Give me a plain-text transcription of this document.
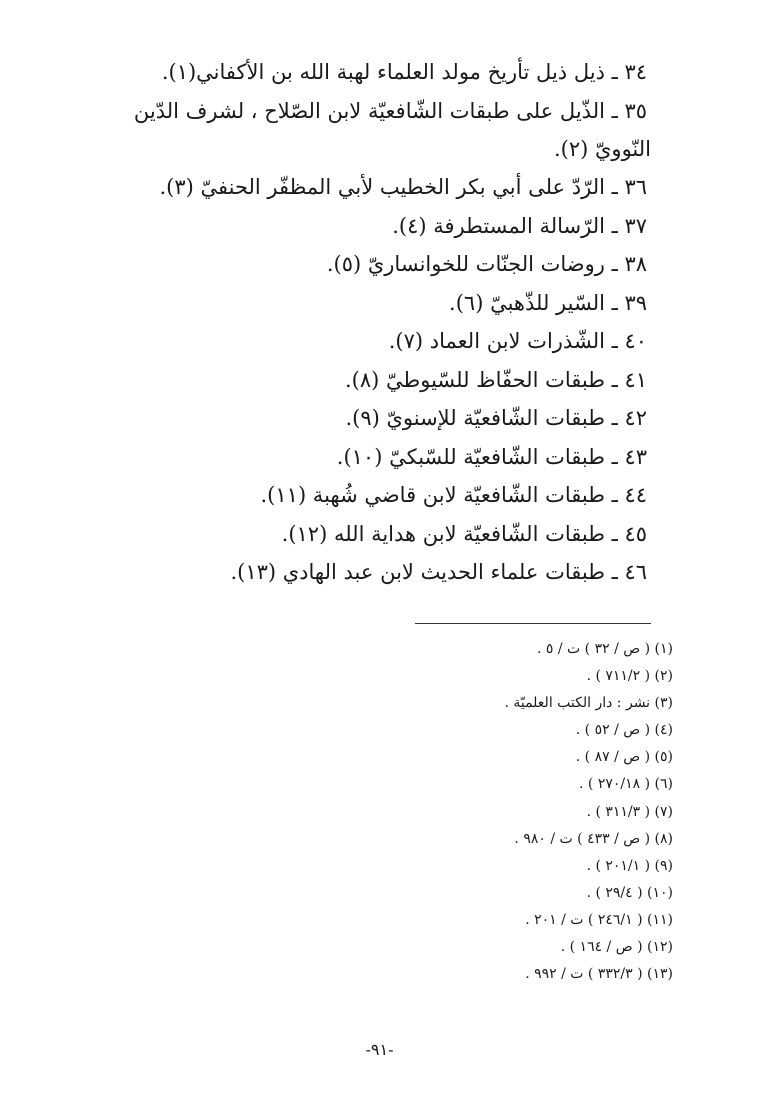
٣٤ ـ ذيل ذيل تأريخ مولد العلماء لهبة الله بن الأكفاني(١).
٣٥ ـ الذّيل على طبقات الشّافعيّة لابن الصّلاح ، لشرف الدّين
النّوويّ (٢).
٣٦ ـ الرّدّ على أبي بكر الخطيب لأبي المظفّر الحنفيّ (٣).
٣٧ ـ الرّسالة المستطرفة (٤).
٣٨ ـ روضات الجنّات للخوانساريّ (٥).
٣٩ ـ السّير للذّهبيّ (٦).
٤٠ ـ الشّذرات لابن العماد (٧).
٤١ ـ طبقات الحفّاظ للسّيوطيّ (٨).
٤٢ ـ طبقات الشّافعيّة للإسنويّ (٩).
٤٣ ـ طبقات الشّافعيّة للسّبكيّ (١٠).
٤٤ ـ طبقات الشّافعيّة لابن قاضي شُهبة (١١).
٤٥ ـ طبقات الشّافعيّة لابن هداية الله (١٢).
٤٦ ـ طبقات علماء الحديث لابن عبد الهادي (١٣).
(١) ( ص / ٣٢ ) ت / ٥ .
(٢) ( ٧١١/٢ ) .
(٣) نشر : دار الكتب العلميّة .
(٤) ( ص / ٥٢ ) .
(٥) ( ص / ٨٧ ) .
(٦) ( ٢٧٠/١٨ ) .
(٧) ( ٣١١/٣ ) .
(٨) ( ص / ٤٣٣ ) ت / ٩٨٠ .
(٩) ( ٢٠١/١ ) .
(١٠) ( ٢٩/٤ ) .
(١١) ( ٢٤٦/١ ) ت / ٢٠١ .
(١٢) ( ص / ١٦٤ ) .
(١٣) ( ٣٣٢/٣ ) ت / ٩٩٢ .
-٩١-
